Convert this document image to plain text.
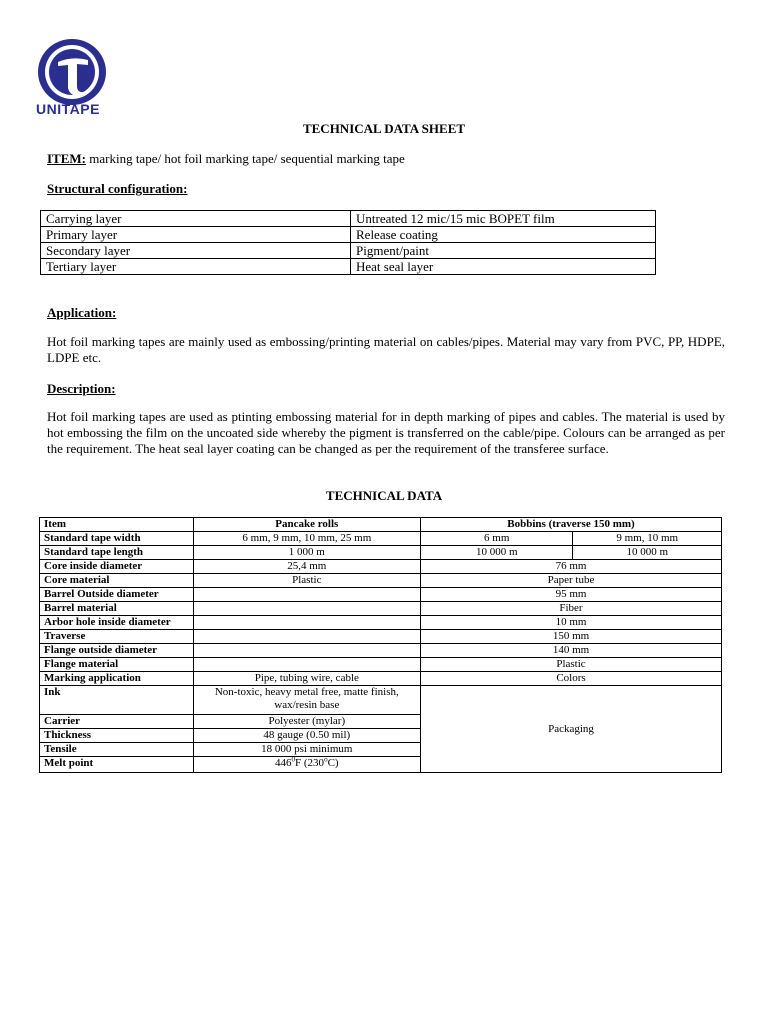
UNITAPE
TECHNICAL DATA SHEET
ITEM: marking tape/ hot foil marking tape/ sequential marking tape
Structural configuration:
Carrying layer	Untreated 12 mic/15 mic BOPET film
Primary layer	Release coating
Secondary layer	Pigment/paint
Tertiary layer	Heat seal layer
Application:
Hot foil marking tapes are mainly used as embossing/printing material on cables/pipes. Material may vary from PVC, PP, HDPE, LDPE etc.
Description:
Hot foil marking tapes are used as ptinting embossing material for in depth marking of pipes and cables. The material is used by hot embossing the film on the uncoated side whereby the pigment is transferred on the cable/pipe. Colours can be arranged as per the requirement. The heat seal layer coating can be changed as per the requirement of the transferee surface.
TECHNICAL DATA
Item	Pancake rolls	Bobbins (traverse 150 mm)	
Standard tape width	6 mm, 9 mm, 10 mm, 25 mm	6 mm	9 mm, 10 mm
Standard tape length	1 000 m	10 000 m	10 000 m
Core inside diameter	25,4 mm	76 mm	
Core material	Plastic	Paper tube	
Barrel Outside diameter		95 mm	
Barrel material		Fiber	
Arbor hole inside diameter		10 mm	
Traverse		150 mm	
Flange outside diameter		140 mm	
Flange material		Plastic	
Marking application	Pipe, tubing wire, cable	Colors	
Ink	Non-toxic, heavy metal free, matte finish, wax/resin base	Packaging	
Carrier	Polyester (mylar)		
Thickness	48 gauge (0.50 mil)		
Tensile	18 000 psi minimum		
Melt point	$446^0F$ (230$^o$C)		
